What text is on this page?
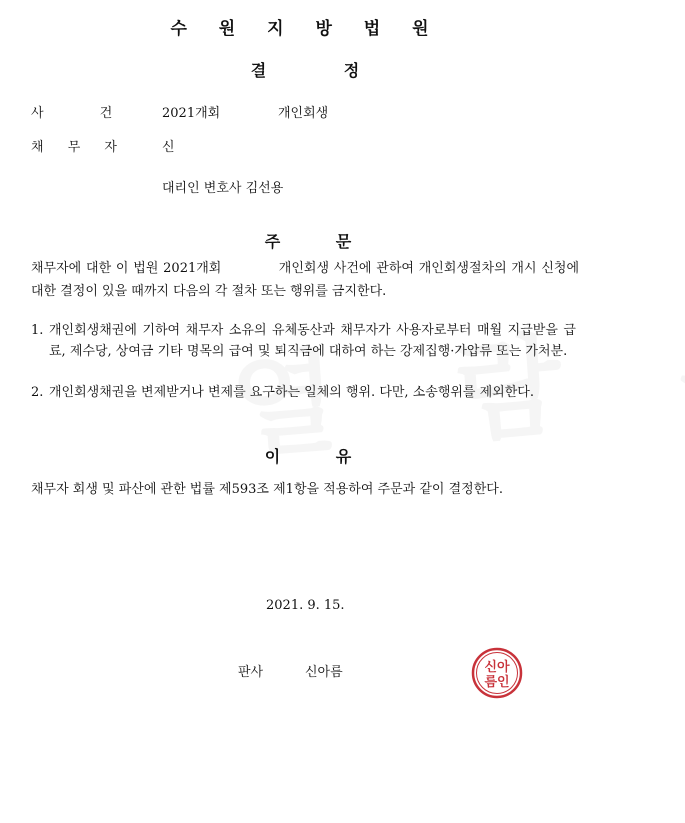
수 원 지 방 법 원
결 정
사 건	2021개회	개인회생
채 무 자	신
대리인 변호사 김선용
주 문
채무자에 대한 이 법원 2021개회            개인회생 사건에 관하여 개인회생절차의 개시 신청에 대한 결정이 있을 때까지 다음의 각 절차 또는 행위를 금지한다.
1. 개인회생채권에 기하여 채무자 소유의 유체동산과 채무자가 사용자로부터 매월 지급받을 급료, 제수당, 상여금 기타 명목의 급여 및 퇴직금에 대하여 하는 강제집행·가압류 또는 가처분.
2. 개인회생채권을 변제받거나 변제를 요구하는 일체의 행위. 다만, 소송행위를 제외한다.
이 유
채무자 회생 및 파산에 관한 법률 제593조 제1항을 적용하여 주문과 같이 결정한다.
2021. 9. 15.
판사	신아름	신아
름인
